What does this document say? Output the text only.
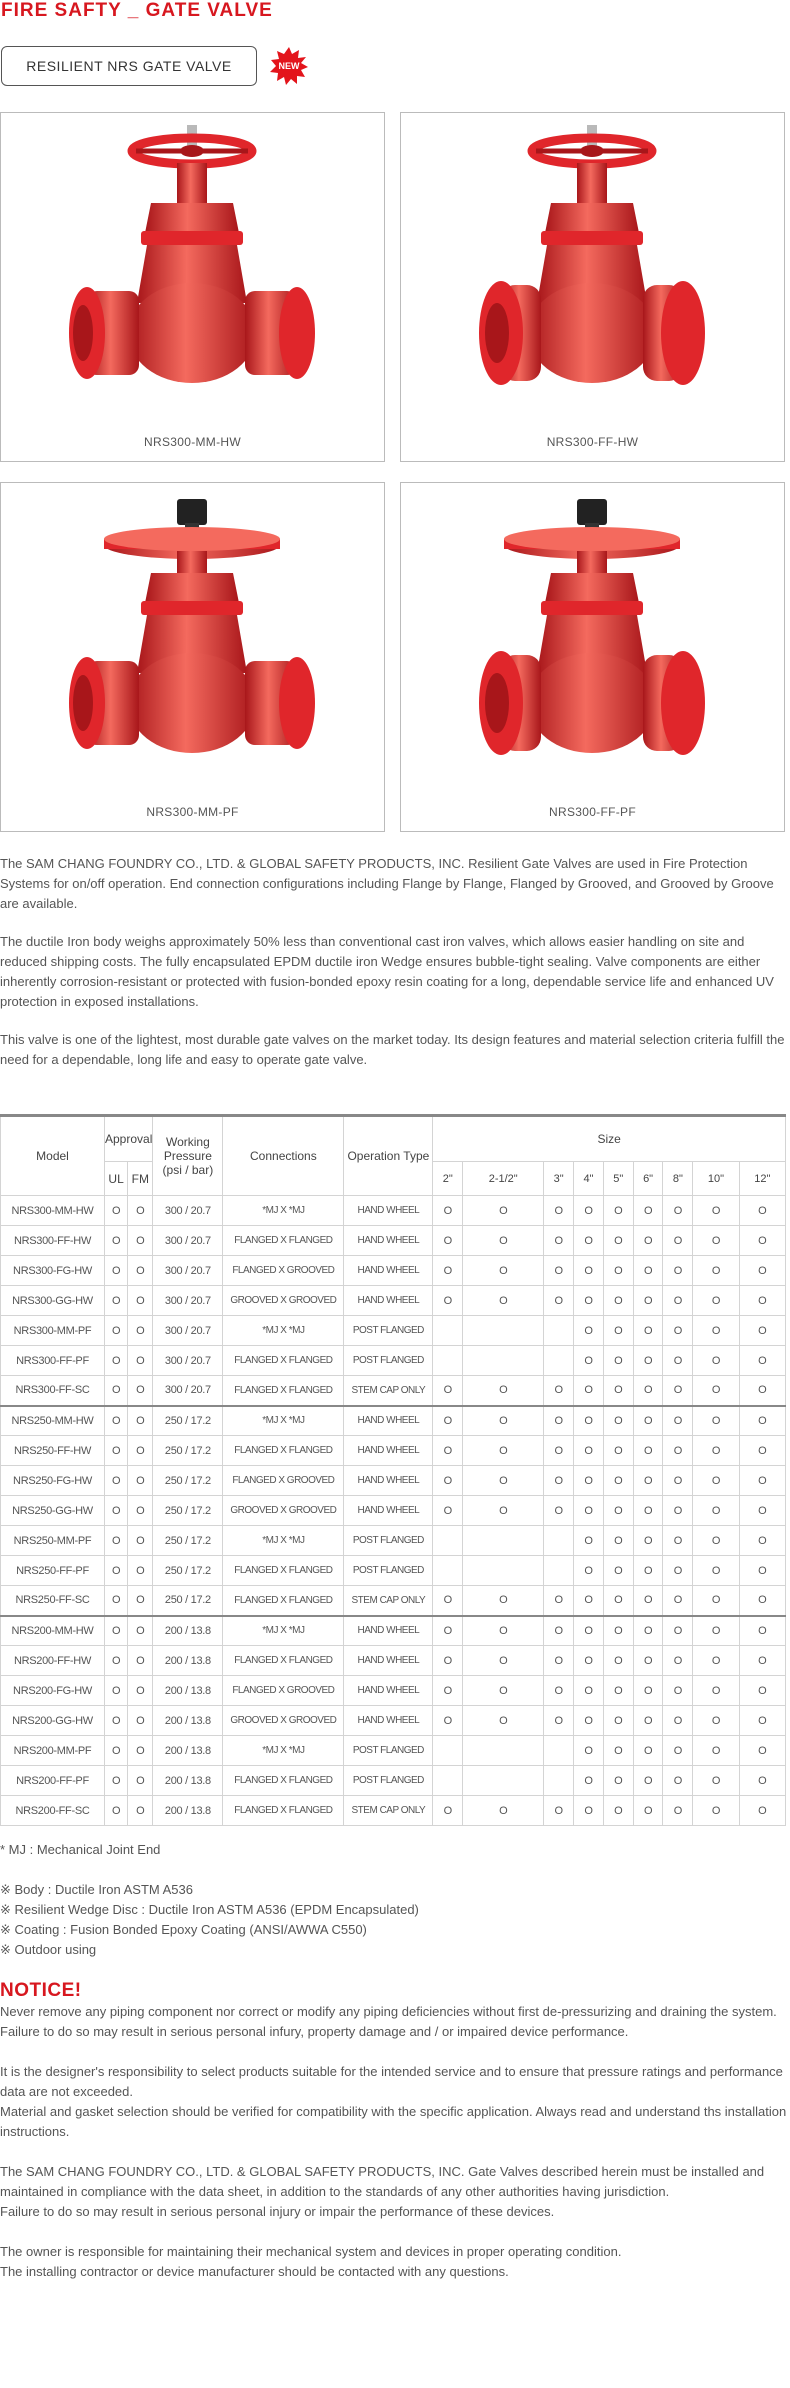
FIRE SAFTY _ GATE VALVE
RESILIENT NRS GATE VALVE	NEW
NRS300-MM-HW	NRS300-FF-HW
NRS300-MM-PF	NRS300-FF-PF

The SAM CHANG FOUNDRY CO., LTD. & GLOBAL SAFETY PRODUCTS, INC. Resilient Gate Valves are used in Fire Protection Systems for on/off operation. End connection configurations including Flange by Flange, Flanged by Grooved, and Grooved by Groove are available.

The ductile Iron body weighs approximately 50% less than conventional cast iron valves, which allows easier handling on site and reduced shipping costs. The fully encapsulated EPDM ductile iron Wedge ensures bubble-tight sealing. Valve components are either inherently corrosion-resistant or protected with fusion-bonded epoxy resin coating for a long, dependable service life and enhanced UV protection in exposed installations.

This valve is one of the lightest, most durable gate valves on the market today. Its design features and material selection criteria fulfill the need for a dependable, long life and easy to operate gate valve.

Model	Approval		Working Pressure (psi / bar)	Connections	Operation Type	Size								
	UL	FM				2"	2-1/2"	3"	4"	5"	6"	8"	10"	12"
NRS300-MM-HW	O	O	300 / 20.7	*MJ X *MJ	HAND WHEEL	O	O	O	O	O	O	O	O	O
NRS300-FF-HW	O	O	300 / 20.7	FLANGED X FLANGED	HAND WHEEL	O	O	O	O	O	O	O	O	O
NRS300-FG-HW	O	O	300 / 20.7	FLANGED X GROOVED	HAND WHEEL	O	O	O	O	O	O	O	O	O
NRS300-GG-HW	O	O	300 / 20.7	GROOVED X GROOVED	HAND WHEEL	O	O	O	O	O	O	O	O	O
NRS300-MM-PF	O	O	300 / 20.7	*MJ X *MJ	POST FLANGED				O	O	O	O	O	O
NRS300-FF-PF	O	O	300 / 20.7	FLANGED X FLANGED	POST FLANGED				O	O	O	O	O	O
NRS300-FF-SC	O	O	300 / 20.7	FLANGED X FLANGED	STEM CAP ONLY	O	O	O	O	O	O	O	O	O
NRS250-MM-HW	O	O	250 / 17.2	*MJ X *MJ	HAND WHEEL	O	O	O	O	O	O	O	O	O
NRS250-FF-HW	O	O	250 / 17.2	FLANGED X FLANGED	HAND WHEEL	O	O	O	O	O	O	O	O	O
NRS250-FG-HW	O	O	250 / 17.2	FLANGED X GROOVED	HAND WHEEL	O	O	O	O	O	O	O	O	O
NRS250-GG-HW	O	O	250 / 17.2	GROOVED X GROOVED	HAND WHEEL	O	O	O	O	O	O	O	O	O
NRS250-MM-PF	O	O	250 / 17.2	*MJ X *MJ	POST FLANGED				O	O	O	O	O	O
NRS250-FF-PF	O	O	250 / 17.2	FLANGED X FLANGED	POST FLANGED				O	O	O	O	O	O
NRS250-FF-SC	O	O	250 / 17.2	FLANGED X FLANGED	STEM CAP ONLY	O	O	O	O	O	O	O	O	O
NRS200-MM-HW	O	O	200 / 13.8	*MJ X *MJ	HAND WHEEL	O	O	O	O	O	O	O	O	O
NRS200-FF-HW	O	O	200 / 13.8	FLANGED X FLANGED	HAND WHEEL	O	O	O	O	O	O	O	O	O
NRS200-FG-HW	O	O	200 / 13.8	FLANGED X GROOVED	HAND WHEEL	O	O	O	O	O	O	O	O	O
NRS200-GG-HW	O	O	200 / 13.8	GROOVED X GROOVED	HAND WHEEL	O	O	O	O	O	O	O	O	O
NRS200-MM-PF	O	O	200 / 13.8	*MJ X *MJ	POST FLANGED				O	O	O	O	O	O
NRS200-FF-PF	O	O	200 / 13.8	FLANGED X FLANGED	POST FLANGED				O	O	O	O	O	O
NRS200-FF-SC	O	O	200 / 13.8	FLANGED X FLANGED	STEM CAP ONLY	O	O	O	O	O	O	O	O	O
* MJ : Mechanical Joint End
※ Body : Ductile Iron ASTM A536
※ Resilient Wedge Disc : Ductile Iron ASTM A536 (EPDM Encapsulated)
※ Coating : Fusion Bonded Epoxy Coating (ANSI/AWWA C550)
※ Outdoor using
NOTICE!
Never remove any piping component nor correct or modify any piping deficiencies without first de-pressurizing and draining the system.
Failure to do so may result in serious personal infury, property damage and / or impaired device performance.
It is the designer's responsibility to select products suitable for the intended service and to ensure that pressure ratings and performance data are not exceeded.
Material and gasket selection should be verified for compatibility with the specific application. Always read and understand ths installation instructions.
The SAM CHANG FOUNDRY CO., LTD. & GLOBAL SAFETY PRODUCTS, INC. Gate Valves described herein must be installed and maintained in compliance with the data sheet, in addition to the standards of any other authorities having jurisdiction.
Failure to do so may result in serious personal injury or impair the performance of these devices.
The owner is responsible for maintaining their mechanical system and devices in proper operating condition.
The installing contractor or device manufacturer should be contacted with any questions.
